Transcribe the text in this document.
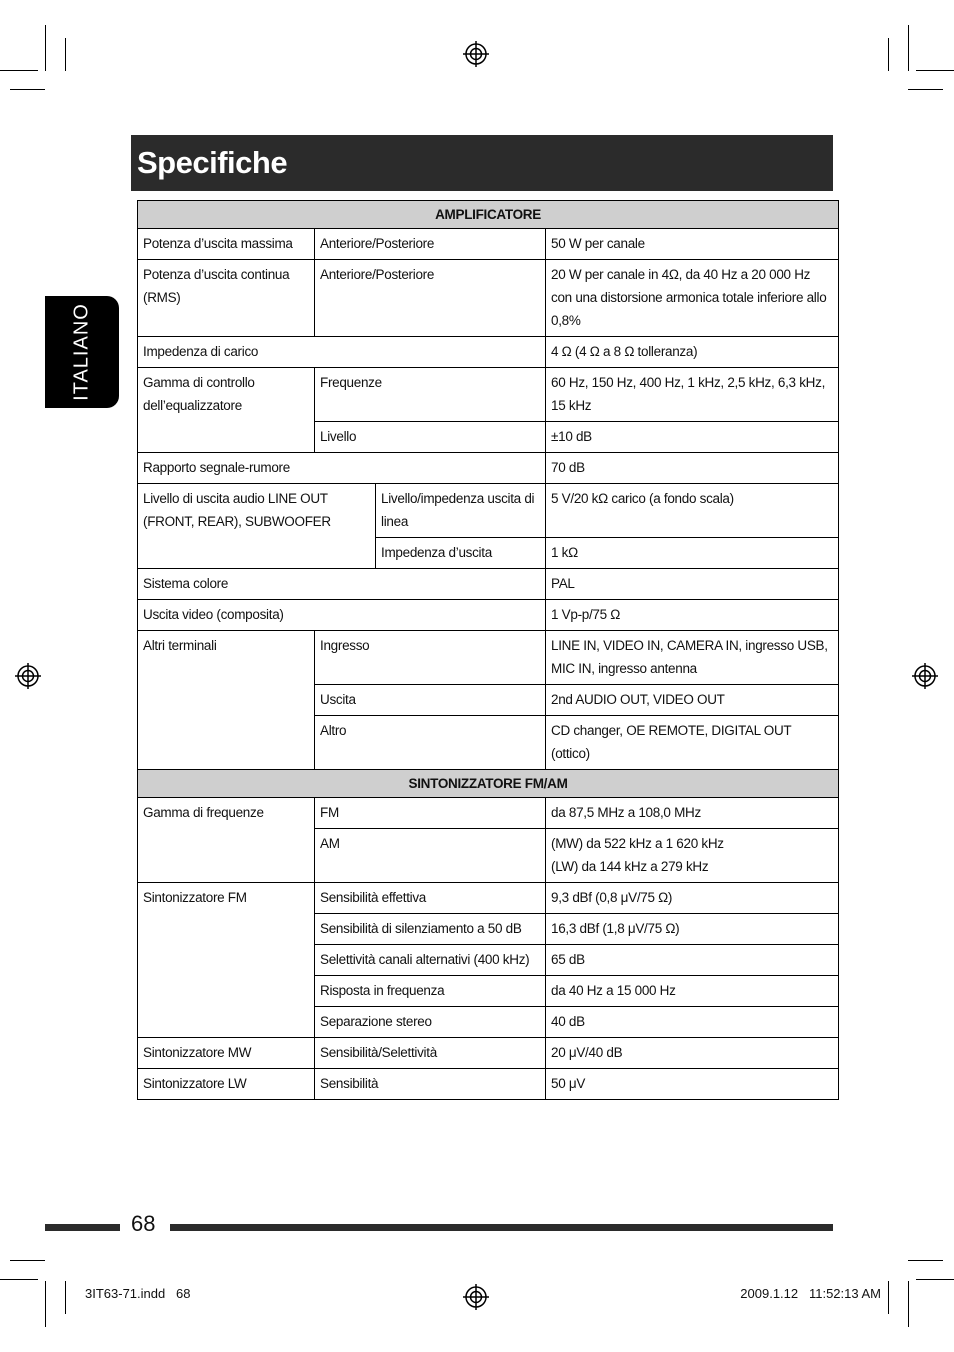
Specifiche
ITALIANO
AMPLIFICATORE			
Potenza d’uscita massima	Anteriore/Posteriore		50 W per canale
Potenza d’uscita continua (RMS)	Anteriore/Posteriore		20 W per canale in 4Ω, da 40 Hz a 20 000 Hz con una distorsione armonica totale inferiore allo 0,8%
Impedenza di carico			4 Ω (4 Ω a 8 Ω tolleranza)
Gamma di controllo dell’equalizzatore	Frequenze		60 Hz, 150 Hz, 400 Hz, 1 kHz, 2,5 kHz, 6,3 kHz, 15 kHz
	Livello		±10 dB
Rapporto segnale-rumore			70 dB
Livello di uscita audio LINE OUT (FRONT, REAR), SUBWOOFER		Livello/impedenza uscita di linea	5 V/20 kΩ carico (a fondo scala)
		Impedenza d’uscita	1 kΩ
Sistema colore			PAL
Uscita video (composita)			1 Vp-p/75 Ω
Altri terminali	Ingresso		LINE IN, VIDEO IN, CAMERA IN, ingresso USB, MIC IN, ingresso antenna
	Uscita		2nd AUDIO OUT, VIDEO OUT
	Altro		CD changer, OE REMOTE, DIGITAL OUT (ottico)
SINTONIZZATORE FM/AM			
Gamma di frequenze	FM		da 87,5 MHz a 108,0 MHz
	AM		(MW) da 522 kHz a 1 620 kHz
(LW) da 144 kHz a 279 kHz

Sintonizzatore FM	Sensibilità effettiva		9,3 dBf (0,8 μV/75 Ω)
	Sensibilità di silenziamento a 50 dB		16,3 dBf (1,8 μV/75 Ω)
	Selettività canali alternativi (400 kHz)		65 dB
	Risposta in frequenza		da 40 Hz a 15 000 Hz
	Separazione stereo		40 dB
Sintonizzatore MW	Sensibilità/Selettività		20 μV/40 dB
Sintonizzatore LW	Sensibilità		50 μV
68
3IT63-71.indd   68	2009.1.12   11:52:13 AM
